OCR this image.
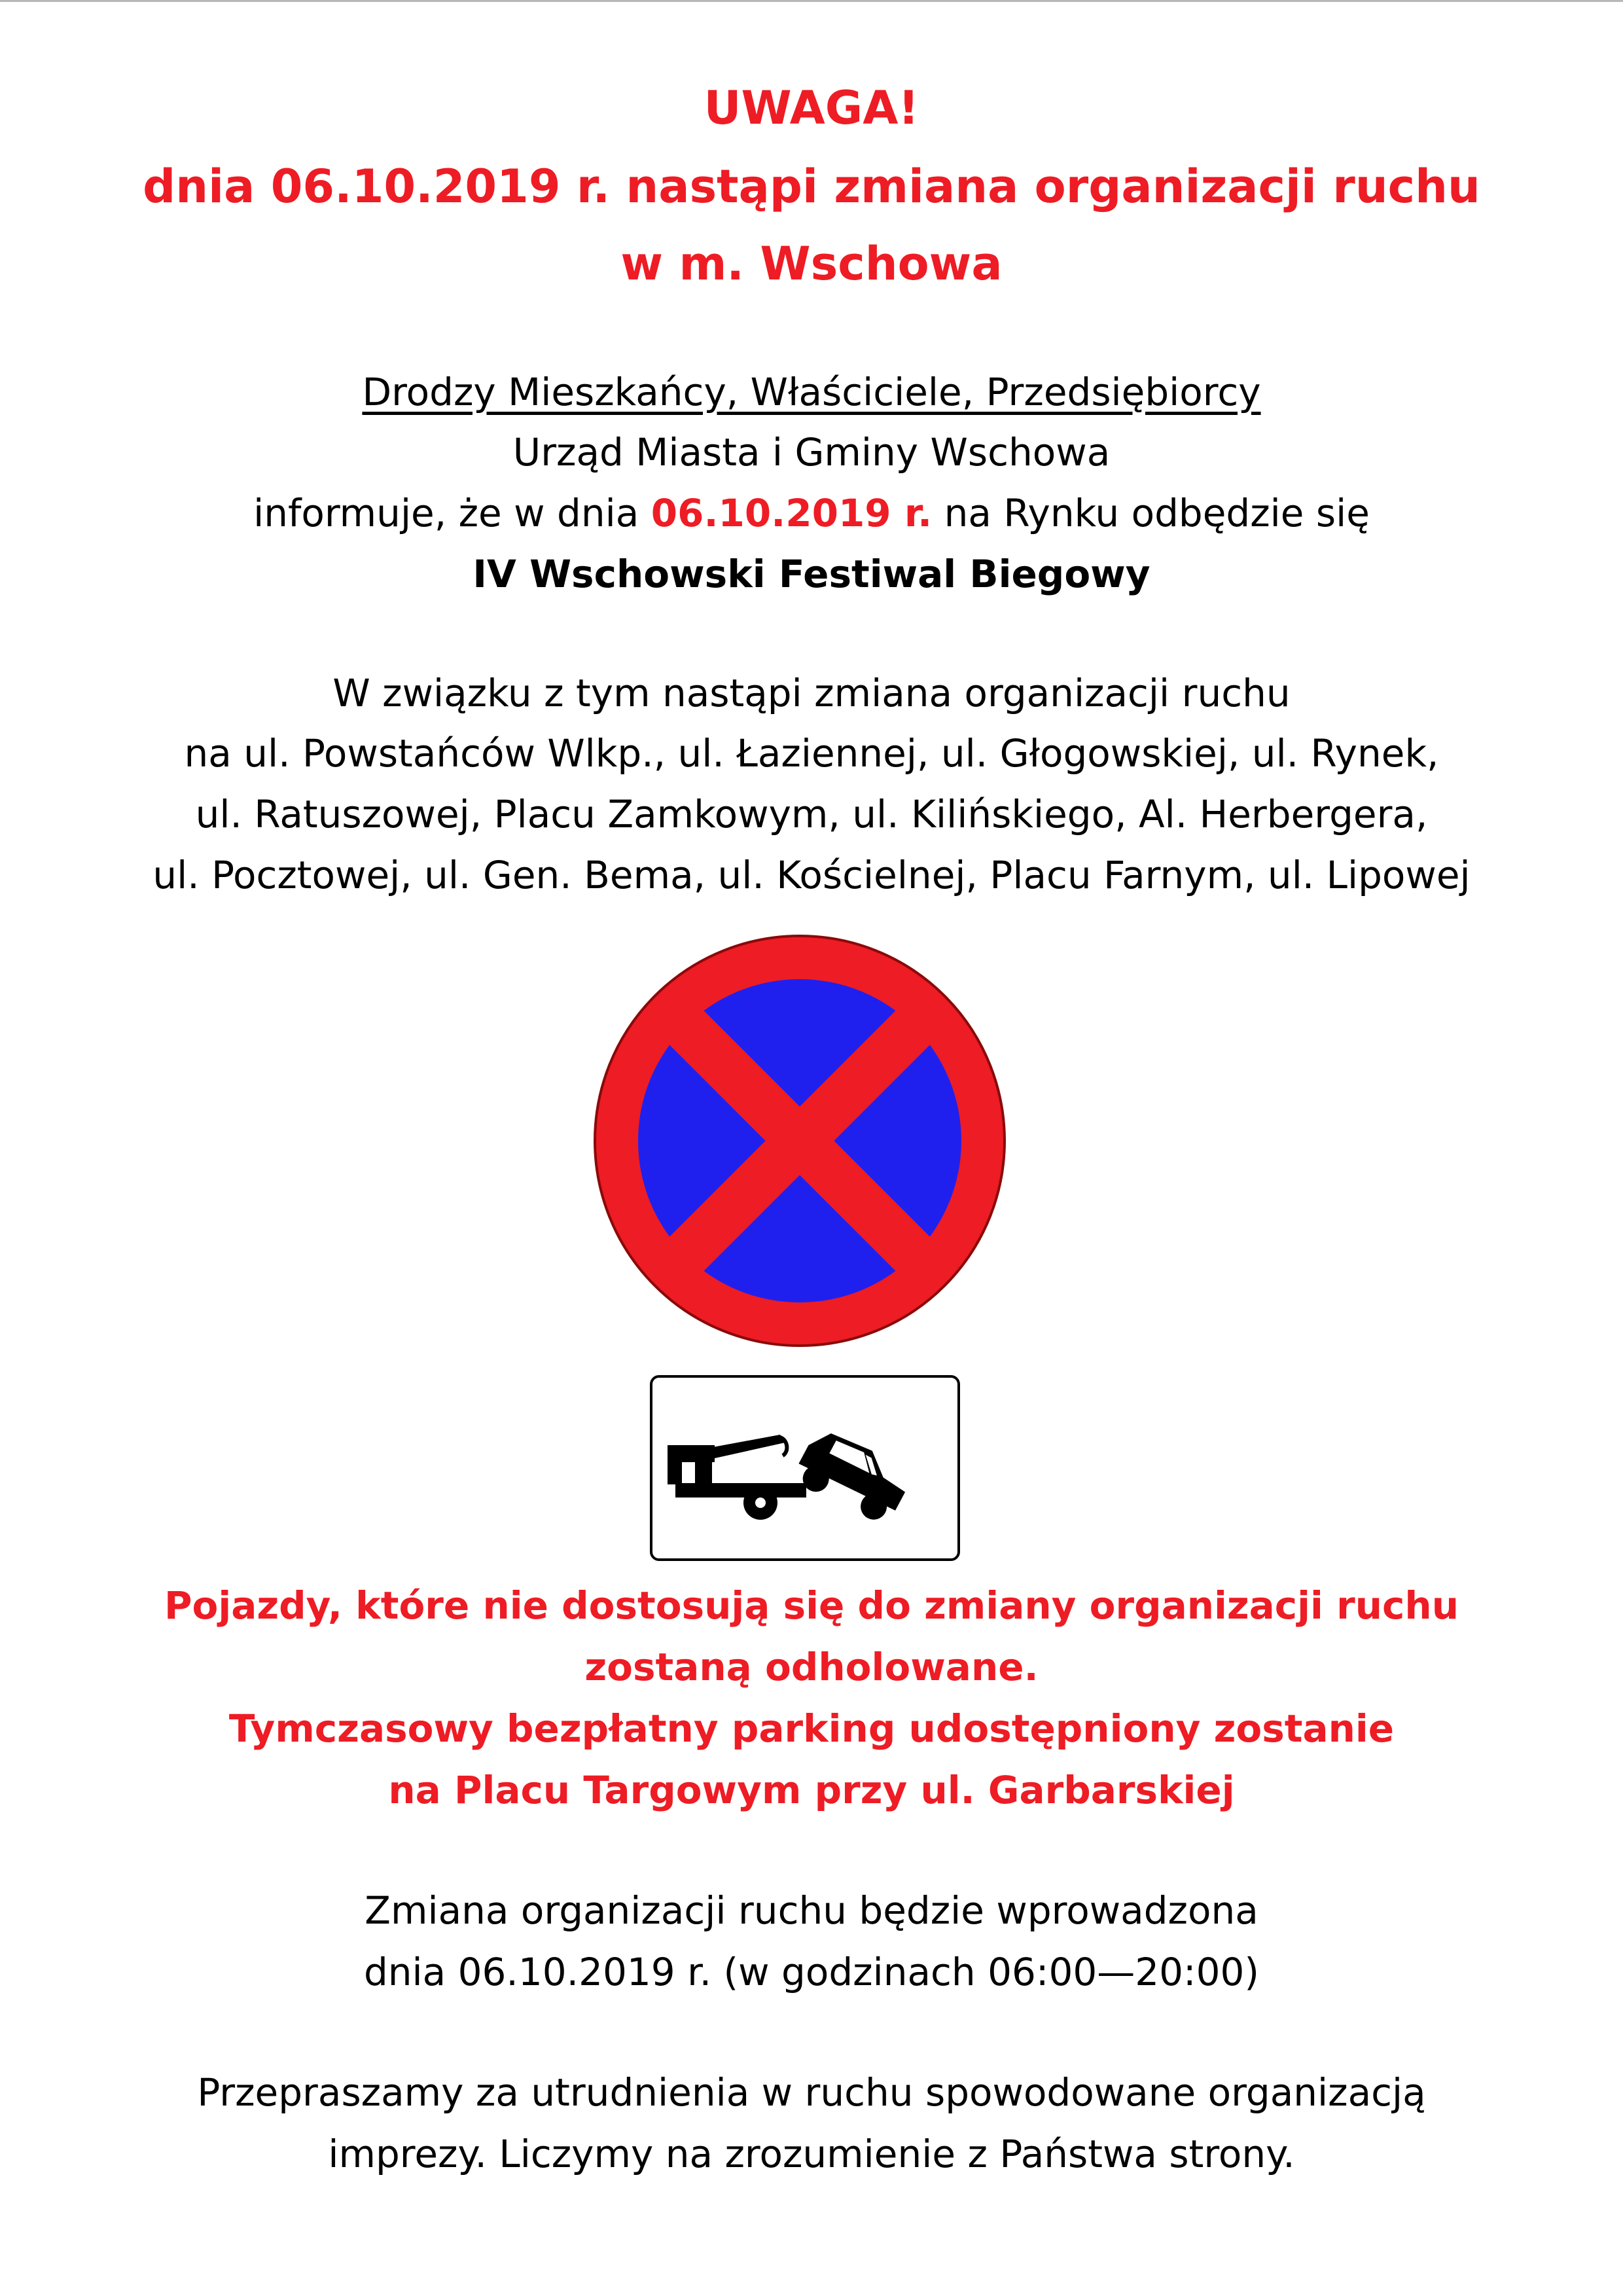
UWAGA!
dnia 06.10.2019 r. nastąpi zmiana organizacji ruchu
w m. Wschowa
Drodzy Mieszkańcy, Właściciele, Przedsiębiorcy
Urząd Miasta i Gminy Wschowa
informuje, że w dnia 06.10.2019 r. na Rynku odbędzie się
IV Wschowski Festiwal Biegowy
W związku z tym nastąpi zmiana organizacji ruchu
na ul. Powstańców Wlkp., ul. Łaziennej, ul. Głogowskiej, ul. Rynek,
ul. Ratuszowej, Placu Zamkowym, ul. Kilińskiego, Al. Herbergera,
ul. Pocztowej, ul. Gen. Bema, ul. Kościelnej, Placu Farnym, ul. Lipowej
Pojazdy, które nie dostosują się do zmiany organizacji ruchu
zostaną odholowane.
Tymczasowy bezpłatny parking udostępniony zostanie
na Placu Targowym przy ul. Garbarskiej
Zmiana organizacji ruchu będzie wprowadzona
dnia 06.10.2019 r. (w godzinach 06:00—20:00)
Przepraszamy za utrudnienia w ruchu spowodowane organizacją
imprezy. Liczymy na zrozumienie z Państwa strony.
